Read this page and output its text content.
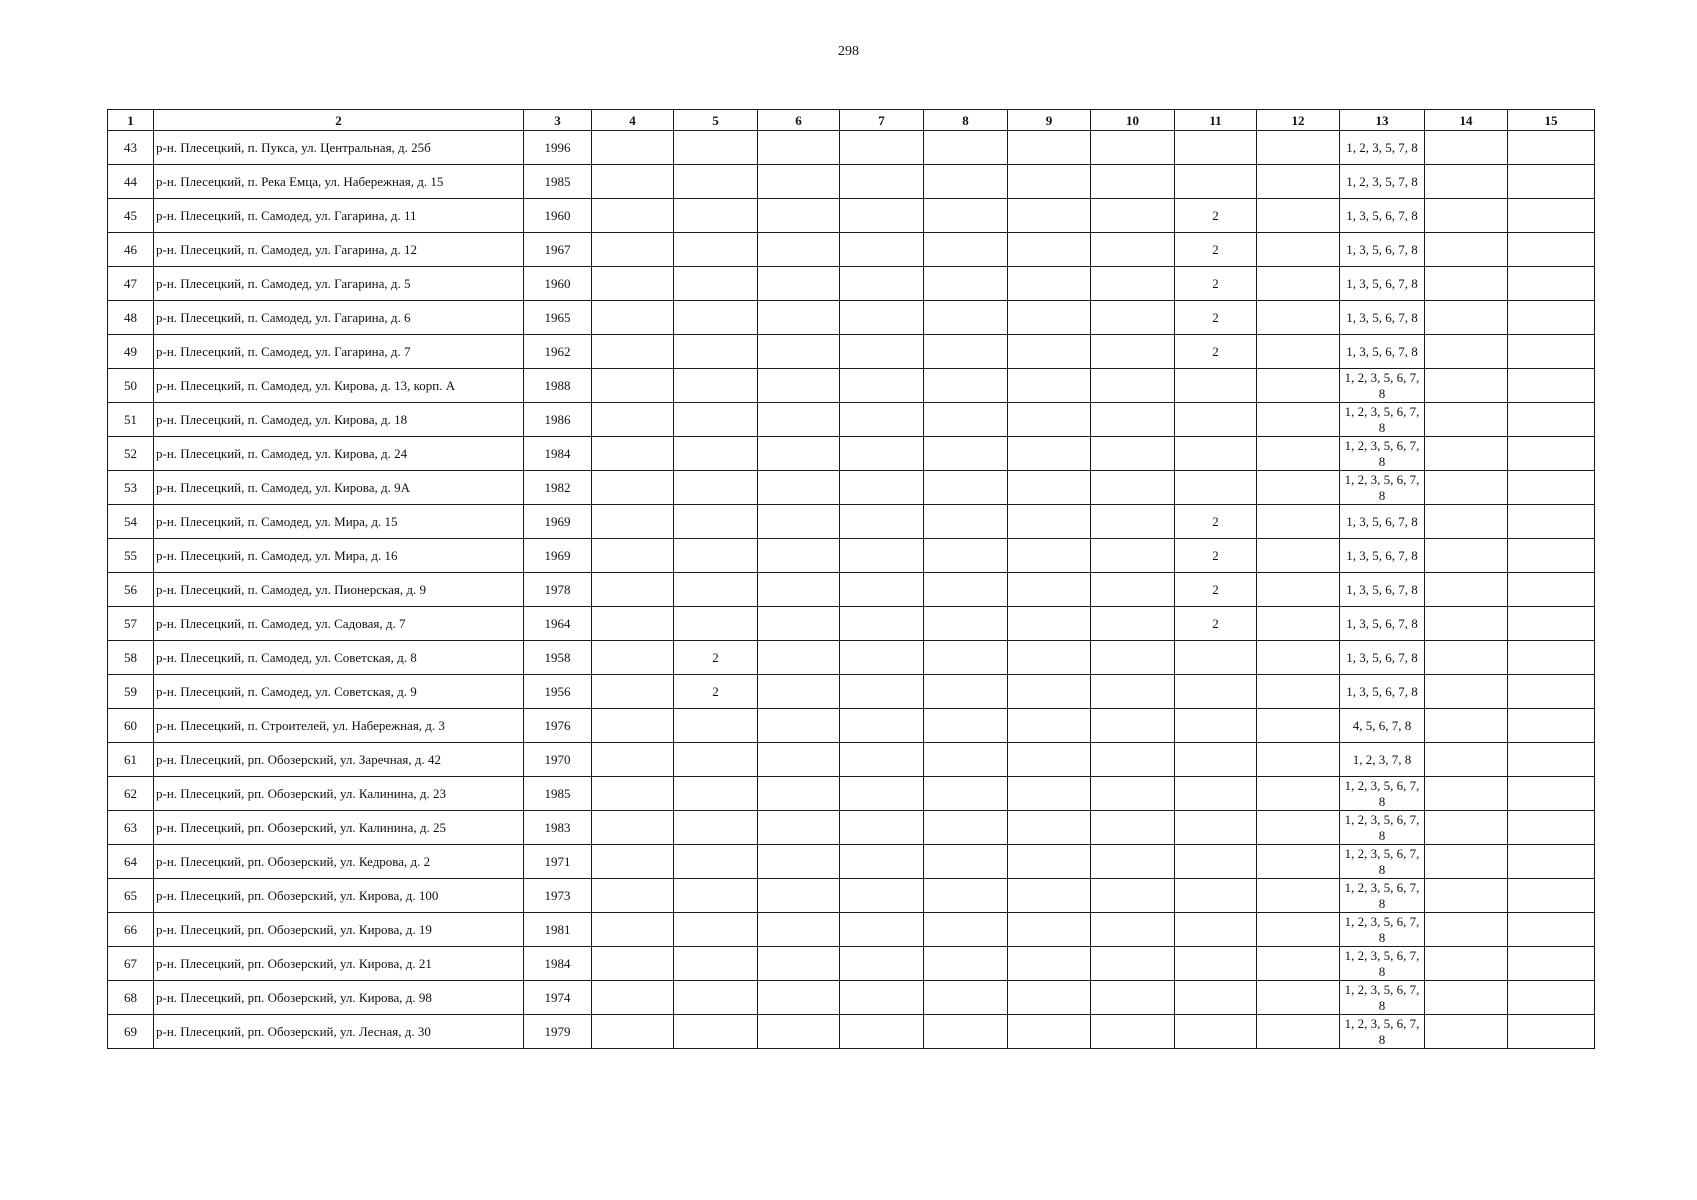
298
1	2	3	4	5	6	7	8	9	10	11	12	13	14	15
43	р-н. Плесецкий, п. Пукса, ул. Центральная, д. 25б	1996										1, 2, 3, 5, 7, 8		
44	р-н. Плесецкий, п. Река Емца, ул. Набережная, д. 15	1985										1, 2, 3, 5, 7, 8		
45	р-н. Плесецкий, п. Самодед, ул. Гагарина, д. 11	1960								2		1, 3, 5, 6, 7, 8		
46	р-н. Плесецкий, п. Самодед, ул. Гагарина, д. 12	1967								2		1, 3, 5, 6, 7, 8		
47	р-н. Плесецкий, п. Самодед, ул. Гагарина, д. 5	1960								2		1, 3, 5, 6, 7, 8		
48	р-н. Плесецкий, п. Самодед, ул. Гагарина, д. 6	1965								2		1, 3, 5, 6, 7, 8		
49	р-н. Плесецкий, п. Самодед, ул. Гагарина, д. 7	1962								2		1, 3, 5, 6, 7, 8		
50	р-н. Плесецкий, п. Самодед, ул. Кирова, д. 13, корп. А	1988										1, 2, 3, 5, 6, 7, 8		
51	р-н. Плесецкий, п. Самодед, ул. Кирова, д. 18	1986										1, 2, 3, 5, 6, 7, 8		
52	р-н. Плесецкий, п. Самодед, ул. Кирова, д. 24	1984										1, 2, 3, 5, 6, 7, 8		
53	р-н. Плесецкий, п. Самодед, ул. Кирова, д. 9А	1982										1, 2, 3, 5, 6, 7, 8		
54	р-н. Плесецкий, п. Самодед, ул. Мира, д. 15	1969								2		1, 3, 5, 6, 7, 8		
55	р-н. Плесецкий, п. Самодед, ул. Мира, д. 16	1969								2		1, 3, 5, 6, 7, 8		
56	р-н. Плесецкий, п. Самодед, ул. Пионерская, д. 9	1978								2		1, 3, 5, 6, 7, 8		
57	р-н. Плесецкий, п. Самодед, ул. Садовая, д. 7	1964								2		1, 3, 5, 6, 7, 8		
58	р-н. Плесецкий, п. Самодед, ул. Советская, д. 8	1958		2								1, 3, 5, 6, 7, 8		
59	р-н. Плесецкий, п. Самодед, ул. Советская, д. 9	1956		2								1, 3, 5, 6, 7, 8		
60	р-н. Плесецкий, п. Строителей, ул. Набережная, д. 3	1976										4, 5, 6, 7, 8		
61	р-н. Плесецкий, рп. Обозерский, ул. Заречная, д. 42	1970										1, 2, 3, 7, 8		
62	р-н. Плесецкий, рп. Обозерский, ул. Калинина, д. 23	1985										1, 2, 3, 5, 6, 7, 8		
63	р-н. Плесецкий, рп. Обозерский, ул. Калинина, д. 25	1983										1, 2, 3, 5, 6, 7, 8		
64	р-н. Плесецкий, рп. Обозерский, ул. Кедрова, д. 2	1971										1, 2, 3, 5, 6, 7, 8		
65	р-н. Плесецкий, рп. Обозерский, ул. Кирова, д. 100	1973										1, 2, 3, 5, 6, 7, 8		
66	р-н. Плесецкий, рп. Обозерский, ул. Кирова, д. 19	1981										1, 2, 3, 5, 6, 7, 8		
67	р-н. Плесецкий, рп. Обозерский, ул. Кирова, д. 21	1984										1, 2, 3, 5, 6, 7, 8		
68	р-н. Плесецкий, рп. Обозерский, ул. Кирова, д. 98	1974										1, 2, 3, 5, 6, 7, 8		
69	р-н. Плесецкий, рп. Обозерский, ул. Лесная, д. 30	1979										1, 2, 3, 5, 6, 7, 8		
